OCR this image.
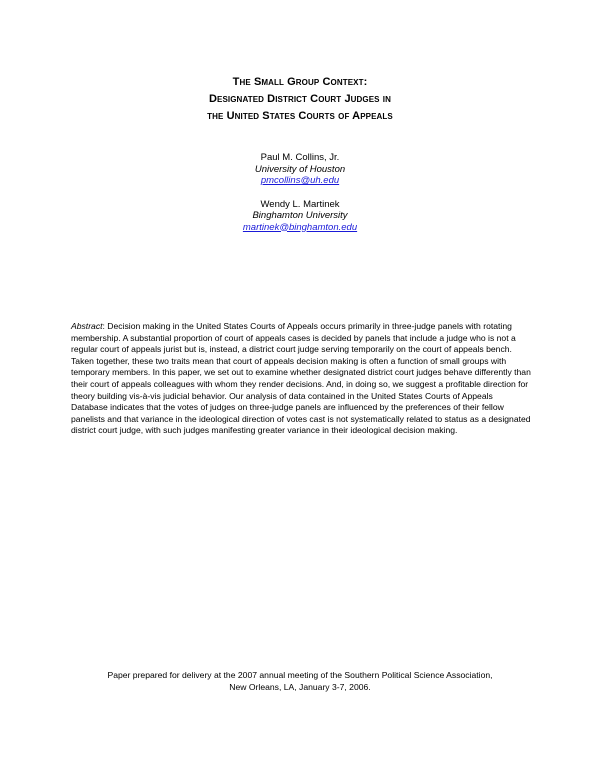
The Small Group Context:
Designated District Court Judges in
the United States Courts of Appeals
Paul M. Collins, Jr.
University of Houston
pmcollins@uh.edu
Wendy L. Martinek
Binghamton University
martinek@binghamton.edu
Abstract: Decision making in the United States Courts of Appeals occurs primarily in three-judge panels with rotating membership. A substantial proportion of court of appeals cases is decided by panels that include a judge who is not a regular court of appeals jurist but is, instead, a district court judge serving temporarily on the court of appeals bench. Taken together, these two traits mean that court of appeals decision making is often a function of small groups with temporary members. In this paper, we set out to examine whether designated district court judges behave differently than their court of appeals colleagues with whom they render decisions. And, in doing so, we suggest a profitable direction for theory building vis-à-vis judicial behavior. Our analysis of data contained in the United States Courts of Appeals Database indicates that the votes of judges on three-judge panels are influenced by the preferences of their fellow panelists and that variance in the ideological direction of votes cast is not systematically related to status as a designated district court judge, with such judges manifesting greater variance in their ideological decision making.
Paper prepared for delivery at the 2007 annual meeting of the Southern Political Science Association,
New Orleans, LA, January 3-7, 2006.
